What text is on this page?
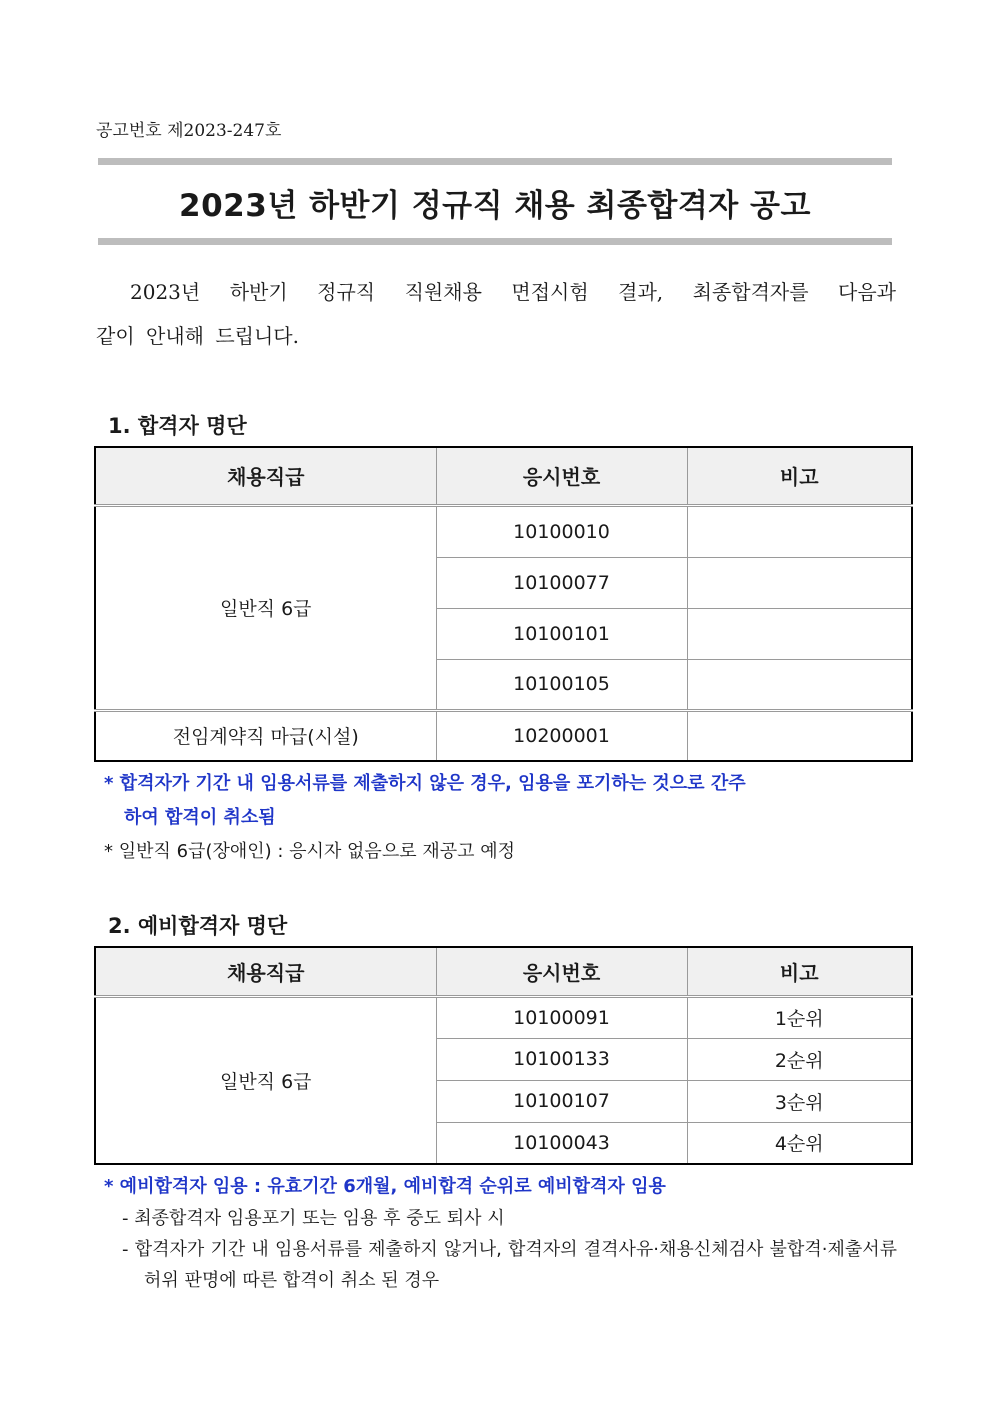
공고번호 제2023-247호
2023년 하반기 정규직 채용 최종합격자 공고

2023년 하반기 정규직 직원채용 면접시험 결과, 최종합격자를 다음과

같이 안내해 드립니다.

1. 합격자 명단
채용직급	응시번호	비고
일반직 6급	10100010	
	10100077	
	10100101	
	10100105	
전임계약직 마급(시설)	10200001	
* 합격자가 기간 내 임용서류를 제출하지 않은 경우, 임용을 포기하는 것으로 간주
하여 합격이 취소됨
* 일반직 6급(장애인) : 응시자 없음으로 재공고 예정
2. 예비합격자 명단
채용직급	응시번호	비고
일반직 6급	10100091	1순위
	10100133	2순위
	10100107	3순위
	10100043	4순위
* 예비합격자 임용 : 유효기간 6개월, 예비합격 순위로 예비합격자 임용

- 최종합격자 임용포기 또는 임용 후 중도 퇴사 시

- 합격자가 기간 내 임용서류를 제출하지 않거나, 합격자의 결격사유·채용신체검사 불합격·제출서류 허위 판명에 따른 합격이 취소 된 경우
